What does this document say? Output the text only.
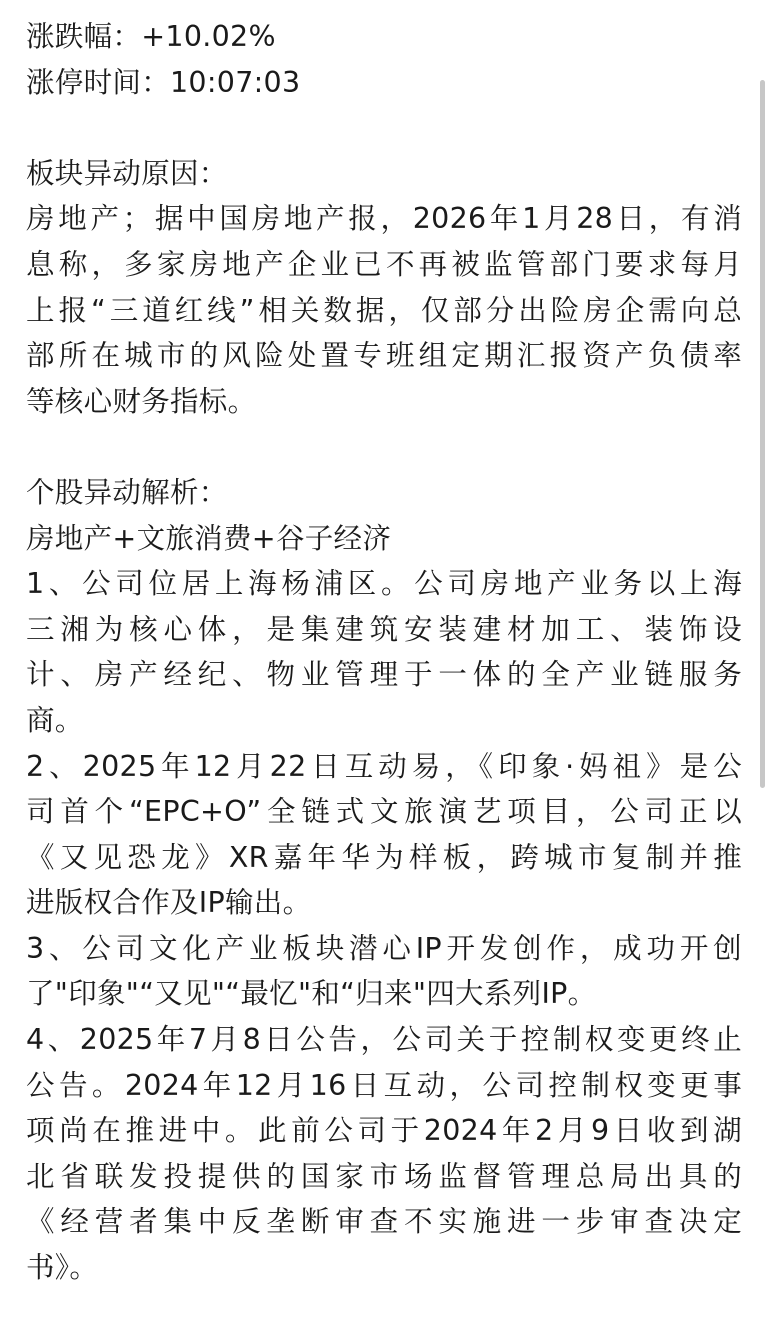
涨跌幅：+10.02%
涨停时间：10:07:03
板块异动原因：
房地产；据中国房地产报，2026年1月28日，有消
息称，多家房地产企业已不再被监管部门要求每月
上报“三道红线”相关数据，仅部分出险房企需向总
部所在城市的风险处置专班组定期汇报资产负债率
等核心财务指标。
个股异动解析：
房地产+文旅消费+谷子经济
1、公司位居上海杨浦区。公司房地产业务以上海
三湘为核心体，是集建筑安装建材加工、装饰设
计、房产经纪、物业管理于一体的全产业链服务
商。
2、2025年12月22日互动易，《印象·妈祖》是公
司首个“EPC+O”全链式文旅演艺项目，公司正以
《又见恐龙》XR嘉年华为样板，跨城市复制并推
进版权合作及IP输出。
3、公司文化产业板块潜心IP开发创作，成功开创
了"印象"“又见"“最忆"和“归来"四大系列IP。
4、2025年7月8日公告，公司关于控制权变更终止
公告。2024年12月16日互动，公司控制权变更事
项尚在推进中。此前公司于2024年2月9日收到湖
北省联发投提供的国家市场监督管理总局出具的
《经营者集中反垄断审查不实施进一步审查决定
书》。
